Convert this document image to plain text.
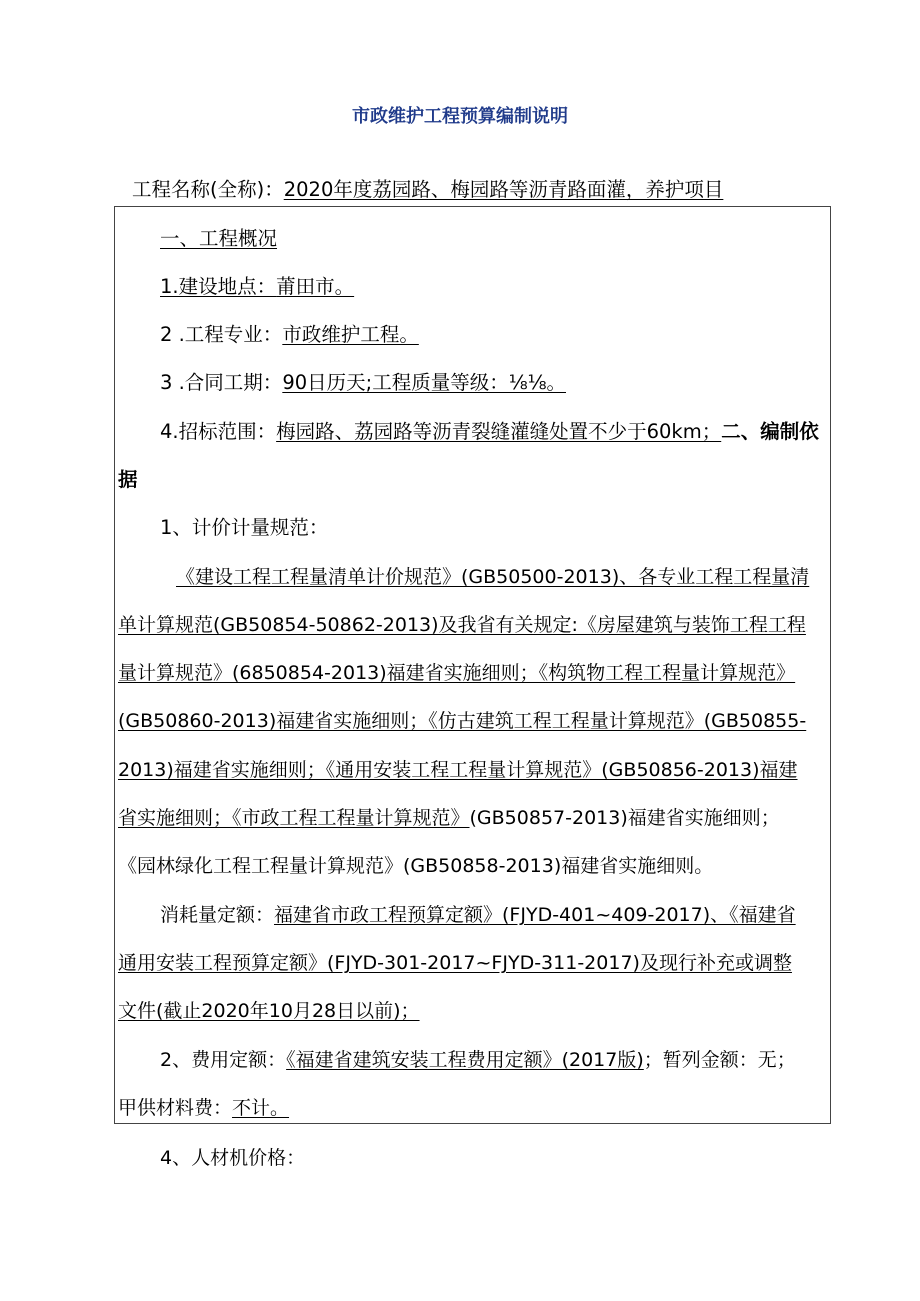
市政维护工程预算编制说明
工程名称(全称)：2020年度荔园路、梅园路等沥青路面灌，养护项目
一、工程概况
1.建设地点：莆田市。
2 .工程专业：市政维护工程。
3 .合同工期：90日历天;工程质量等级：⅛⅛。
4.招标范围：梅园路、荔园路等沥青裂缝灌缝处置不少于60km；二、编制依
据
1、计价计量规范：
《建设工程工程量清单计价规范》(GB50500-2013)、各专业工程工程量清
单计算规范(GB50854-50862-2013)及我省有关规定:《房屋建筑与装饰工程工程
量计算规范》(6850854-2013)福建省实施细则；《构筑物工程工程量计算规范》
(GB50860-2013)福建省实施细则；《仿古建筑工程工程量计算规范》(GB50855-
2013)福建省实施细则；《通用安装工程工程量计算规范》(GB50856-2013)福建
省实施细则；《市政工程工程量计算规范》(GB50857-2013)福建省实施细则；
《园林绿化工程工程量计算规范》(GB50858-2013)福建省实施细则。
消耗量定额：福建省市政工程预算定额》(FJYD-401~409-2017)、《福建省
通用安装工程预算定额》(FJYD-301-2017~FJYD-311-2017)及现行补充或调整
文件(截止2020年10月28日以前)；
2、费用定额：《福建省建筑安装工程费用定额》(2017版)；暂列金额：无；
甲供材料费：不计。
4、人材机价格：
